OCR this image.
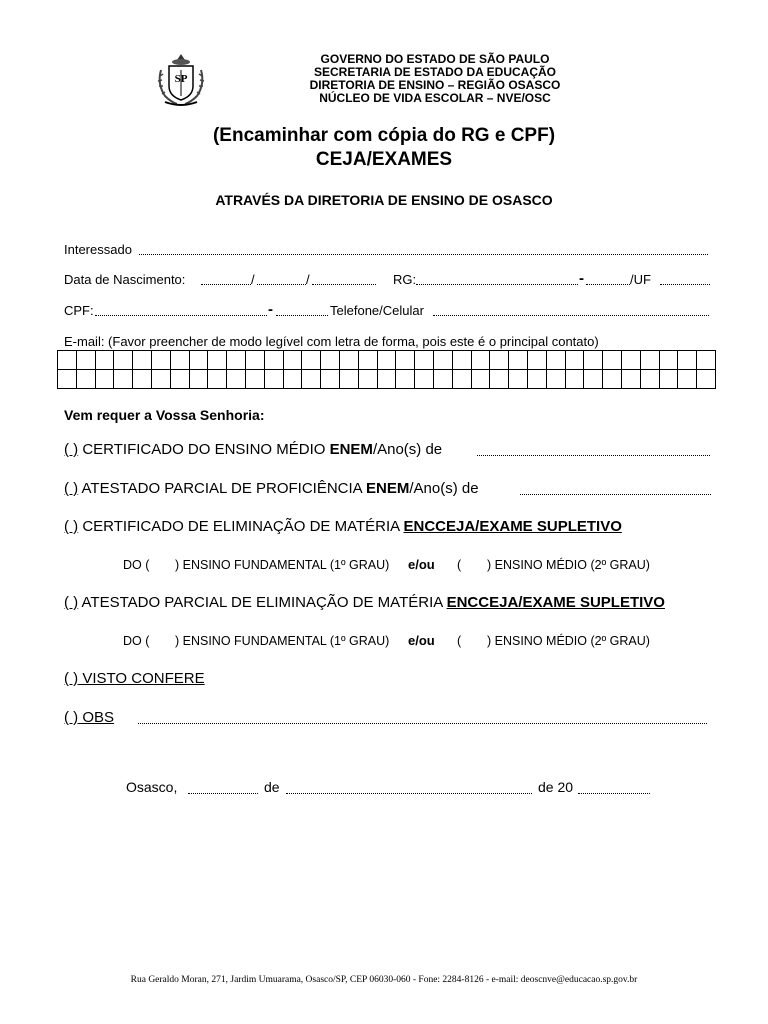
SP
GOVERNO DO ESTADO DE SÃO PAULO
SECRETARIA DE ESTADO DA EDUCAÇÃO
DIRETORIA DE ENSINO – REGIÃO OSASCO
NÚCLEO DE VIDA ESCOLAR – NVE/OSC
(Encaminhar com cópia do RG e CPF)
CEJA/EXAMES
ATRAVÉS DA DIRETORIA DE ENSINO DE OSASCO
Interessado
Data de Nascimento:	/	/	RG:	-	/UF
CPF:	-	Telefone/Celular
E-mail: (Favor preencher de modo legível com letra de forma, pois este é o principal contato)

Vem requer a Vossa Senhoria:
( ) CERTIFICADO DO ENSINO MÉDIO ENEM/Ano(s) de
( ) ATESTADO PARCIAL DE PROFICIÊNCIA ENEM/Ano(s) de
( ) CERTIFICADO DE ELIMINAÇÃO DE MATÉRIA ENCCEJA/EXAME SUPLETIVO
DO ( ) ENSINO FUNDAMENTAL (1º GRAU) e/ou ( ) ENSINO MÉDIO (2º GRAU)
( ) ATESTADO PARCIAL DE ELIMINAÇÃO DE MATÉRIA ENCCEJA/EXAME SUPLETIVO
DO ( ) ENSINO FUNDAMENTAL (1º GRAU) e/ou ( ) ENSINO MÉDIO (2º GRAU)
( ) VISTO CONFERE
( ) OBS
Osasco,	de	de 20
Rua Geraldo Moran, 271, Jardim Umuarama, Osasco/SP, CEP 06030-060 - Fone: 2284-8126 - e-mail: deoscnve@educacao.sp.gov.br
